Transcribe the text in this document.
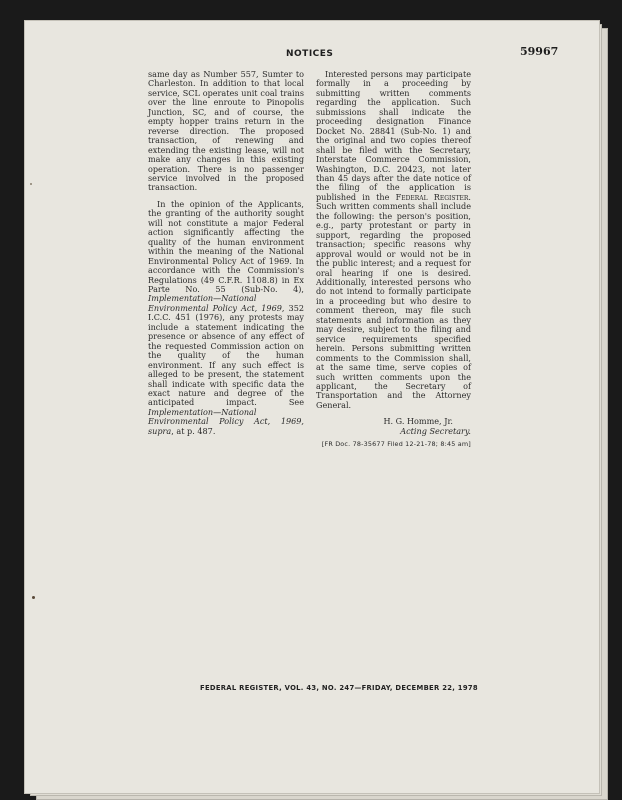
NOTICES	59967

same day as Number 557, Sumter to Charleston. In addition to that local service, SCL operates unit coal trains over the line enroute to Pinopolis Junction, SC, and of course, the empty hopper trains return in the reverse direction. The proposed transaction, of renewing and extending the existing lease, will not make any changes in this existing operation. There is no passenger service involved in the proposed transaction.

In the opinion of the Applicants, the granting of the authority sought will not constitute a major Federal action significantly affecting the quality of the human environment within the meaning of the National Environmental Policy Act of 1969. In accordance with the Commission's Regulations (49 C.F.R. 1108.8) in Ex Parte No. 55 (Sub-No. 4), Implementation—National Environmental Policy Act, 1969, 352 I.C.C. 451 (1976), any protests may include a statement indicating the presence or absence of any effect of the requested Commission action on the quality of the human environment. If any such effect is alleged to be present, the statement shall indicate with specific data the exact nature and degree of the anticipated impact. See Implementation—National Environmental Policy Act, 1969, supra, at p. 487.

Interested persons may participate formally in a proceeding by submitting written comments regarding the application. Such submissions shall indicate the proceeding designation Finance Docket No. 28841 (Sub-No. 1) and the original and two copies thereof shall be filed with the Secretary, Interstate Commerce Commission, Washington, D.C. 20423, not later than 45 days after the date notice of the filing of the application is published in the Federal Register. Such written comments shall include the following: the person's position, e.g., party protestant or party in support, regarding the proposed transaction; specific reasons why approval would or would not be in the public interest; and a request for oral hearing if one is desired. Additionally, interested persons who do not intend to formally participate in a proceeding but who desire to comment thereon, may file such statements and information as they may desire, subject to the filing and service requirements specified herein. Persons submitting written comments to the Commission shall, at the same time, serve copies of such written comments upon the applicant, the Secretary of Transportation and the Attorney General.

H. G. Homme, Jr.

Acting Secretary.

[FR Doc. 78-35677 Filed 12-21-78; 8:45 am]
FEDERAL REGISTER, VOL. 43, NO. 247—FRIDAY, DECEMBER 22, 1978
